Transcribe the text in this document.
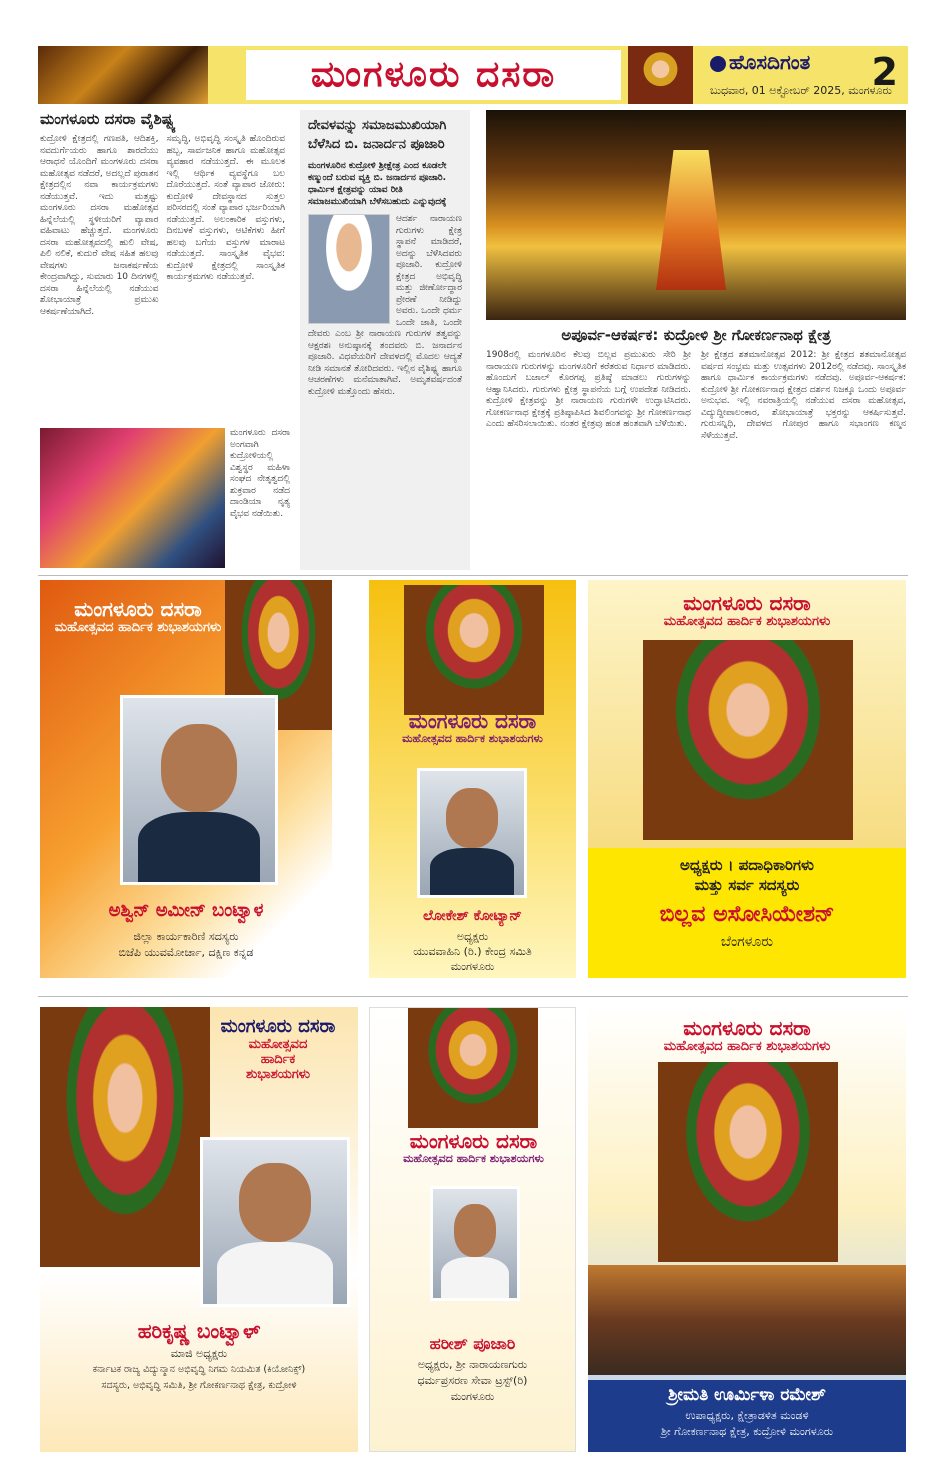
ಮಂಗಳೂರು ದಸರಾ	ಹೊಸದಿಗಂತ
ಬುಧವಾರ, 01 ಅಕ್ಟೋಬರ್ 2025, ಮಂಗಳೂರು
2
ಮಂಗಳೂರು ದಸರಾ ವೈಶಿಷ್ಟ್ಯ
ಕುದ್ರೋಳಿ ಕ್ಷೇತ್ರದಲ್ಲಿ ಗಣಪತಿ, ಆದಿಶಕ್ತಿ, ನವದುರ್ಗೆಯರು ಹಾಗೂ ಶಾರದೆಯು ಆರಾಧನೆ ಯೊಂದಿಗೆ ಮಂಗಳೂರು ದಸರಾ ಮಹೋತ್ಸವ ನಡೆದರೆ, ಅದಲ್ಲದೆ ಪುರಾತನ ಕ್ಷೇತ್ರದಲ್ಲಿನ ನವಾ ಕಾರ್ಯಕ್ರಮಗಳು ನಡೆಯುತ್ತವೆ. ಇದು ಮತ್ತಷ್ಟು ಮಂಗಳೂರು ದಸರಾ ಮಹೋತ್ಸವ ಹಿನ್ನೆಲೆಯಲ್ಲಿ ಸ್ಥಳೀಯರಿಗೆ ವ್ಯಾಪಾರ ವಹಿವಾಟು ಹೆಚ್ಚುತ್ತದೆ. ಮಂಗಳೂರು ದಸರಾ ಮಹೋತ್ಸವದಲ್ಲಿ ಹುಲಿ ವೇಷ, ಪಿಲಿ ನಲಿಕೆ, ಕುದುರೆ ವೇಷ ಸಹಿತ ಹಲವು ವೇಷಗಳು ಜನಾಕರ್ಷಣೆಯ ಕೇಂದ್ರವಾಗಿದ್ದು, ಸುಮಾರು 10 ದಿನಗಳಲ್ಲಿ ದಸರಾ ಹಿನ್ನೆಲೆಯಲ್ಲಿ ನಡೆಯುವ ಶೋಭಾಯಾತ್ರೆ ಪ್ರಮುಖ ಆಕರ್ಷಣೆಯಾಗಿದೆ.
ಸಮೃದ್ಧಿ, ಅಭಿವೃದ್ಧಿ ಸಂಸ್ಕೃತಿ ಹೊಂದಿರುವ ಹಬ್ಬ, ಸಾರ್ವಜನಿಕ ಹಾಗೂ ಮಹೋತ್ಸವ ವ್ಯವಹಾರ ನಡೆಯುತ್ತದೆ. ಈ ಮೂಲಕ ಇಲ್ಲಿ ಆರ್ಥಿಕ ವ್ಯವಸ್ಥೆಗೂ ಬಲ ದೊರೆಯುತ್ತದೆ. ಸಂತೆ ವ್ಯಾಪಾರ ಜೋರು: ಕುದ್ರೋಳಿ ದೇವಸ್ಥಾನದ ಸುತ್ತಲ ಪರಿಸರದಲ್ಲಿ ಸಂತೆ ವ್ಯಾಪಾರ ಭರ್ಜರಿಯಾಗಿ ನಡೆಯುತ್ತದೆ. ಅಲಂಕಾರಿಕ ವಸ್ತುಗಳು, ದಿನಬಳಕೆ ವಸ್ತುಗಳು, ಆಟಿಕೆಗಳು ಹೀಗೆ ಹಲವು ಬಗೆಯ ವಸ್ತುಗಳ ಮಾರಾಟ ನಡೆಯುತ್ತದೆ. ಸಾಂಸ್ಕೃತಿಕ ವೈಭವ: ಕುದ್ರೋಳಿ ಕ್ಷೇತ್ರದಲ್ಲಿ ಸಾಂಸ್ಕೃತಿಕ ಕಾರ್ಯಕ್ರಮಗಳು ನಡೆಯುತ್ತವೆ.
ಮಂಗಳೂರು ದಸರಾ ಅಂಗವಾಗಿ ಕುದ್ರೋಳಿಯಲ್ಲಿ ವಿಶ್ವಸ್ಥರ ಮಹಿಳಾ ಸಂಘದ ನೇತೃತ್ವದಲ್ಲಿ ಶುಕ್ರವಾರ ನಡೆದ ದಾಂಡಿಯಾ ನೃತ್ಯ ವೈಭವ ನಡೆಯಿತು.
ದೇವಳವನ್ನು ಸಮಾಜಮುಖಿಯಾಗಿ ಬೆಳೆಸಿದ ಬಿ. ಜನಾರ್ದನ ಪೂಜಾರಿ
ಮಂಗಳೂರಿನ ಕುದ್ರೋಳಿ ಶ್ರೀಕ್ಷೇತ್ರ ಎಂದ ಕೂಡಲೇ ಕಣ್ಮುಂದೆ ಬರುವ ವ್ಯಕ್ತಿ ಬಿ. ಜನಾರ್ದನ ಪೂಜಾರಿ. ಧಾರ್ಮಿಕ ಕ್ಷೇತ್ರವನ್ನು ಯಾವ ರೀತಿ ಸಮಾಜಮುಖಿಯಾಗಿ ಬೆಳೆಸಬಹುದು ಎನ್ನುವುದಕ್ಕೆ
ಆದರ್ಶ ನಾರಾಯಣ ಗುರುಗಳು ಕ್ಷೇತ್ರ ಸ್ಥಾಪನೆ ಮಾಡಿದರೆ, ಅದನ್ನು ಬೆಳೆಸಿದವರು ಪೂಜಾರಿ. ಕುದ್ರೋಳಿ ಕ್ಷೇತ್ರದ ಅಭಿವೃದ್ಧಿ ಮತ್ತು ಜೀರ್ಣೋದ್ಧಾರ ಪ್ರೇರಣೆ ನೀಡಿದ್ದು ಅವರು. ಒಂದೇ ಧರ್ಮ ಒಂದೇ ಜಾತಿ, ಒಂದೇ ದೇವರು ಎಂಬ ಶ್ರೀ ನಾರಾಯಣ ಗುರುಗಳ ತತ್ವವನ್ನು ಆಕ್ಷರಶಃ ಅನುಷ್ಠಾನಕ್ಕೆ ತಂದವರು ಬಿ. ಜನಾರ್ದನ ಪೂಜಾರಿ. ವಿಧವೆಯರಿಗೆ ದೇವಳದಲ್ಲಿ ಮೊದಲ ಆದ್ಯತೆ ನೀಡಿ ಸಮಾನತೆ ತೋರಿದವರು. ಇಲ್ಲಿನ ವೈಶಿಷ್ಟ್ಯ ಹಾಗೂ ಆಚರಣೆಗಳು ಮನೆಮಾತಾಗಿವೆ. ಅಮೃತವರ್ಷದಂತೆ ಕುದ್ರೋಳಿ ಮತ್ತೊಂದು ಹೆಸರು.
ಅಪೂರ್ವ-ಆಕರ್ಷಕ: ಕುದ್ರೋಳಿ ಶ್ರೀ ಗೋಕರ್ಣನಾಥ ಕ್ಷೇತ್ರ
1908ರಲ್ಲಿ ಮಂಗಳೂರಿನ ಕೆಲವು ಬಿಲ್ಲವ ಪ್ರಮುಖರು ಸೇರಿ ಶ್ರೀ ನಾರಾಯಣ ಗುರುಗಳನ್ನು ಮಂಗಳೂರಿಗೆ ಕರೆತರುವ ನಿರ್ಧಾರ ಮಾಡಿದರು. ಹೊಂದುಗೆ ಬಜಾಲ್ ಕೊರಗಪ್ಪ ಪ್ರತಿಷ್ಠೆ ಮಾಡಲು ಗುರುಗಳನ್ನು ಆಹ್ವಾನಿಸಿದರು. ಗುರುಗಳು ಕ್ಷೇತ್ರ ಸ್ಥಾಪನೆಯ ಬಗ್ಗೆ ಉಪದೇಶ ನೀಡಿದರು. ಕುದ್ರೋಳಿ ಕ್ಷೇತ್ರವನ್ನು ಶ್ರೀ ನಾರಾಯಣ ಗುರುಗಳೇ ಉದ್ಘಾಟಿಸಿದರು. ಗೋಕರ್ಣನಾಥ ಕ್ಷೇತ್ರಕ್ಕೆ ಪ್ರತಿಷ್ಠಾಪಿಸಿದ ಶಿವಲಿಂಗವನ್ನು ಶ್ರೀ ಗೋಕರ್ಣನಾಥ ಎಂದು ಹೆಸರಿಸಲಾಯಿತು. ನಂತರ ಕ್ಷೇತ್ರವು ಹಂತ ಹಂತವಾಗಿ ಬೆಳೆಯಿತು.
ಶ್ರೀ ಕ್ಷೇತ್ರದ ಶತಮಾನೋತ್ಸವ 2012: ಶ್ರೀ ಕ್ಷೇತ್ರದ ಶತಮಾನೋತ್ಸವ ವರ್ಷದ ಸಂಭ್ರಮ ಮತ್ತು ಉತ್ಸವಗಳು 2012ರಲ್ಲಿ ನಡೆದವು. ಸಾಂಸ್ಕೃತಿಕ ಹಾಗೂ ಧಾರ್ಮಿಕ ಕಾರ್ಯಕ್ರಮಗಳು ನಡೆದವು. ಅಪೂರ್ವ-ಆಕರ್ಷಕ: ಕುದ್ರೋಳಿ ಶ್ರೀ ಗೋಕರ್ಣನಾಥ ಕ್ಷೇತ್ರದ ದರ್ಶನ ನಿಜಕ್ಕೂ ಒಂದು ಅಪೂರ್ವ ಅನುಭವ. ಇಲ್ಲಿ ನವರಾತ್ರಿಯಲ್ಲಿ ನಡೆಯುವ ದಸರಾ ಮಹೋತ್ಸವ, ವಿದ್ಯುದ್ದೀಪಾಲಂಕಾರ, ಶೋಭಾಯಾತ್ರೆ ಭಕ್ತರನ್ನು ಆಕರ್ಷಿಸುತ್ತವೆ. ಗುರುಸನ್ನಿಧಿ, ದೇವಳದ ಗೋಪುರ ಹಾಗೂ ಸಭಾಂಗಣ ಕಣ್ಮನ ಸೆಳೆಯುತ್ತವೆ.
ಮಂಗಳೂರು ದಸರಾ
ಮಹೋತ್ಸವದ ಹಾರ್ದಿಕ ಶುಭಾಶಯಗಳು
ಅಶ್ವಿನ್ ಅಮೀನ್ ಬಂಟ್ವಾಳ
ಜಿಲ್ಲಾ ಕಾರ್ಯಕಾರಿಣಿ ಸದಸ್ಯರು
ಬಿಜೆಪಿ ಯುವಮೋರ್ಚಾ, ದಕ್ಷಿಣ ಕನ್ನಡ
ಮಂಗಳೂರು ದಸರಾ
ಮಹೋತ್ಸವದ ಹಾರ್ದಿಕ ಶುಭಾಶಯಗಳು
ಲೋಕೇಶ್ ಕೋಟ್ಯಾನ್
ಅಧ್ಯಕ್ಷರು
ಯುವವಾಹಿನಿ (ರಿ.) ಕೇಂದ್ರ ಸಮಿತಿ
ಮಂಗಳೂರು
ಮಂಗಳೂರು ದಸರಾ
ಮಹೋತ್ಸವದ ಹಾರ್ದಿಕ ಶುಭಾಶಯಗಳು
ಅಧ್ಯಕ್ಷರು । ಪದಾಧಿಕಾರಿಗಳು
ಮತ್ತು ಸರ್ವ ಸದಸ್ಯರು
ಬಿಲ್ಲವ ಅಸೋಸಿಯೇಶನ್
ಬೆಂಗಳೂರು
ಮಂಗಳೂರು ದಸರಾ
ಮಹೋತ್ಸವದ
ಹಾರ್ದಿಕ
ಶುಭಾಶಯಗಳು
ಹರಿಕೃಷ್ಣ ಬಂಟ್ವಾಳ್
ಮಾಜಿ ಅಧ್ಯಕ್ಷರು
ಕರ್ನಾಟಕ ರಾಜ್ಯ ವಿದ್ಯುನ್ಮಾನ ಅಭಿವೃದ್ಧಿ ನಿಗಮ ನಿಯಮಿತ (ಕಿಯೋನಿಕ್ಸ್)
ಸದಸ್ಯರು, ಅಭಿವೃದ್ಧಿ ಸಮಿತಿ, ಶ್ರೀ ಗೋಕರ್ಣನಾಥ ಕ್ಷೇತ್ರ, ಕುದ್ರೋಳಿ
ಮಂಗಳೂರು ದಸರಾ
ಮಹೋತ್ಸವದ ಹಾರ್ದಿಕ ಶುಭಾಶಯಗಳು
ಹರೀಶ್ ಪೂಜಾರಿ
ಅಧ್ಯಕ್ಷರು, ಶ್ರೀ ನಾರಾಯಣಗುರು
ಧರ್ಮಪ್ರಸರಣ ಸೇವಾ ಟ್ರಸ್ಟ್(ರಿ)
ಮಂಗಳೂರು
ಮಂಗಳೂರು ದಸರಾ
ಮಹೋತ್ಸವದ ಹಾರ್ದಿಕ ಶುಭಾಶಯಗಳು
ಶ್ರೀಮತಿ ಊರ್ಮಿಳಾ ರಮೇಶ್
ಉಪಾಧ್ಯಕ್ಷರು, ಕ್ಷೇತ್ರಾಡಳಿತ ಮಂಡಳಿ
ಶ್ರೀ ಗೋಕರ್ಣನಾಥ ಕ್ಷೇತ್ರ, ಕುದ್ರೋಳಿ ಮಂಗಳೂರು
